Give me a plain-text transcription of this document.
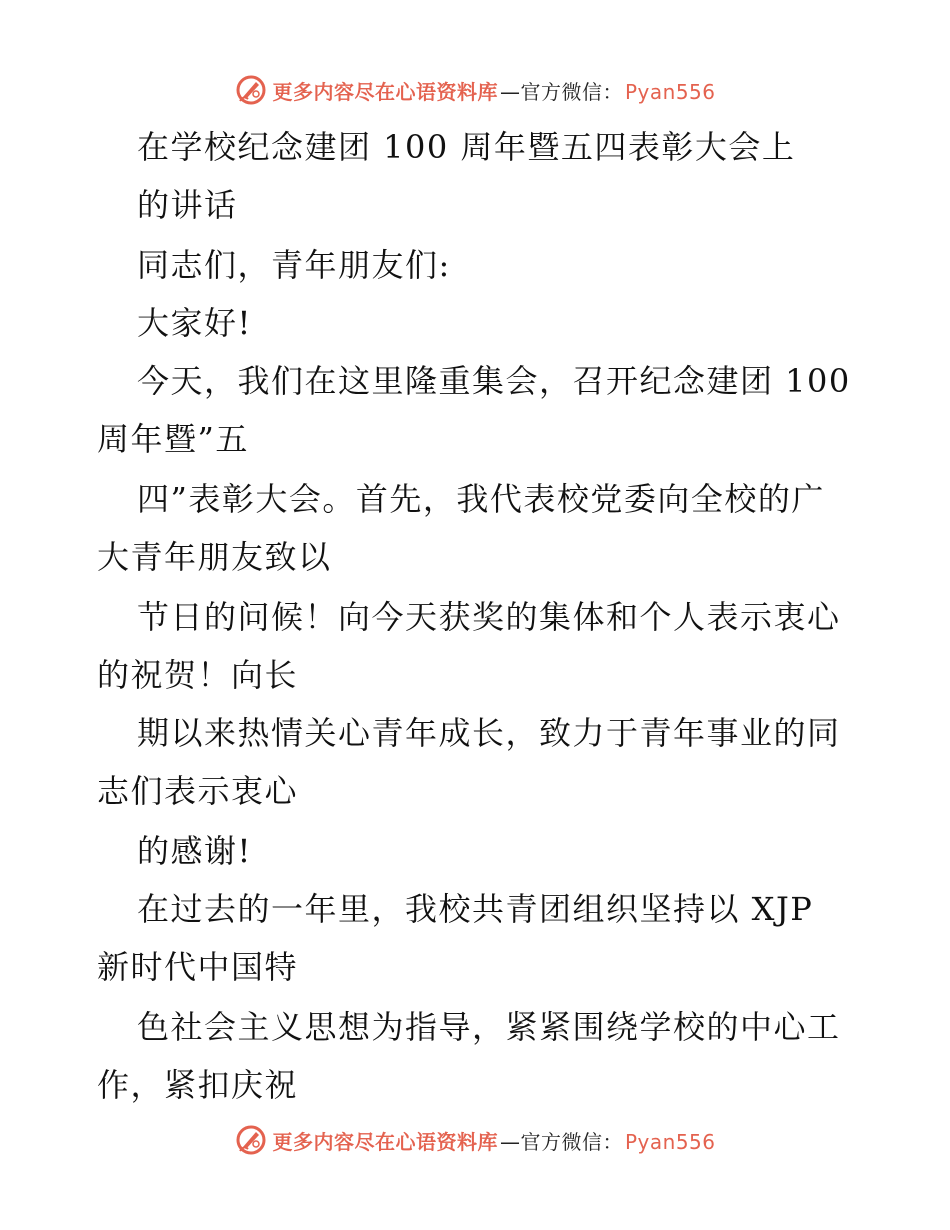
更多内容尽在心语资料库 —官方微信： Pyan556
在学校纪念建团 100 周年暨五四表彰大会上
的讲话
同志们，青年朋友们:
大家好!
今天，我们在这里隆重集会，召开纪念建团 100
周年暨”五
四”表彰大会。首先，我代表校党委向全校的广
大青年朋友致以
节日的问候！向今天获奖的集体和个人表示衷心
的祝贺！向长
期以来热情关心青年成长，致力于青年事业的同
志们表示衷心
的感谢!
在过去的一年里，我校共青团组织坚持以 XJP
新时代中国特
色社会主义思想为指导，紧紧围绕学校的中心工
作，紧扣庆祝
更多内容尽在心语资料库 —官方微信： Pyan556
